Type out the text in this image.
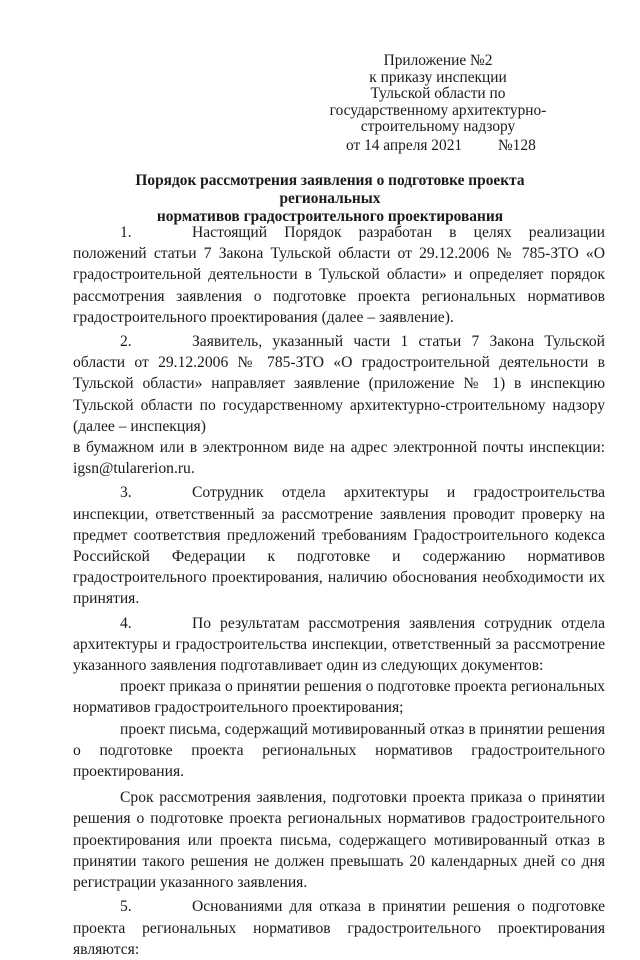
Приложение №2
к приказу инспекции
Тульской области по
государственному архитектурно-
строительному надзору
от 14 апреля 2021 №128
Порядок рассмотрения заявления о подготовке проекта региональных
нормативов градостроительного проектирования

1.	Настоящий Порядок разработан в целях реализации положений статьи 7 Закона Тульской области от 29.12.2006 № 785-ЗТО «О градостроительной деятельности в Тульской области» и определяет порядок рассмотрения заявления о подготовке проекта региональных нормативов градостроительного проектирования (далее – заявление).

2.	Заявитель, указанный части 1 статьи 7 Закона Тульской области от 29.12.2006 № 785-ЗТО «О градостроительной деятельности в Тульской области» направляет заявление (приложение № 1) в инспекцию Тульской области по государственному архитектурно-строительному надзору (далее – инспекция)

в бумажном или в электронном виде на адрес электронной почты инспекции: igsn@tularerion.ru.

3.	Сотрудник отдела архитектуры и градостроительства инспекции, ответственный за рассмотрение заявления проводит проверку на предмет соответствия предложений требованиям Градостроительного кодекса Российской Федерации к подготовке и содержанию нормативов градостроительного проектирования, наличию обоснования необходимости их принятия.

4.	По результатам рассмотрения заявления сотрудник отдела архитектуры и градостроительства инспекции, ответственный за рассмотрение указанного заявления подготавливает один из следующих документов:

проект приказа о принятии решения о подготовке проекта региональных нормативов градостроительного проектирования;

проект письма, содержащий мотивированный отказ в принятии решения о подготовке проекта региональных нормативов градостроительного проектирования.

Срок рассмотрения заявления, подготовки проекта приказа о принятии решения о подготовке проекта региональных нормативов градостроительного проектирования или проекта письма, содержащего мотивированный отказ в принятии такого решения не должен превышать 20 календарных дней со дня регистрации указанного заявления.

5.	Основаниями для отказа в принятии решения о подготовке проекта региональных нормативов градостроительного проектирования являются:
